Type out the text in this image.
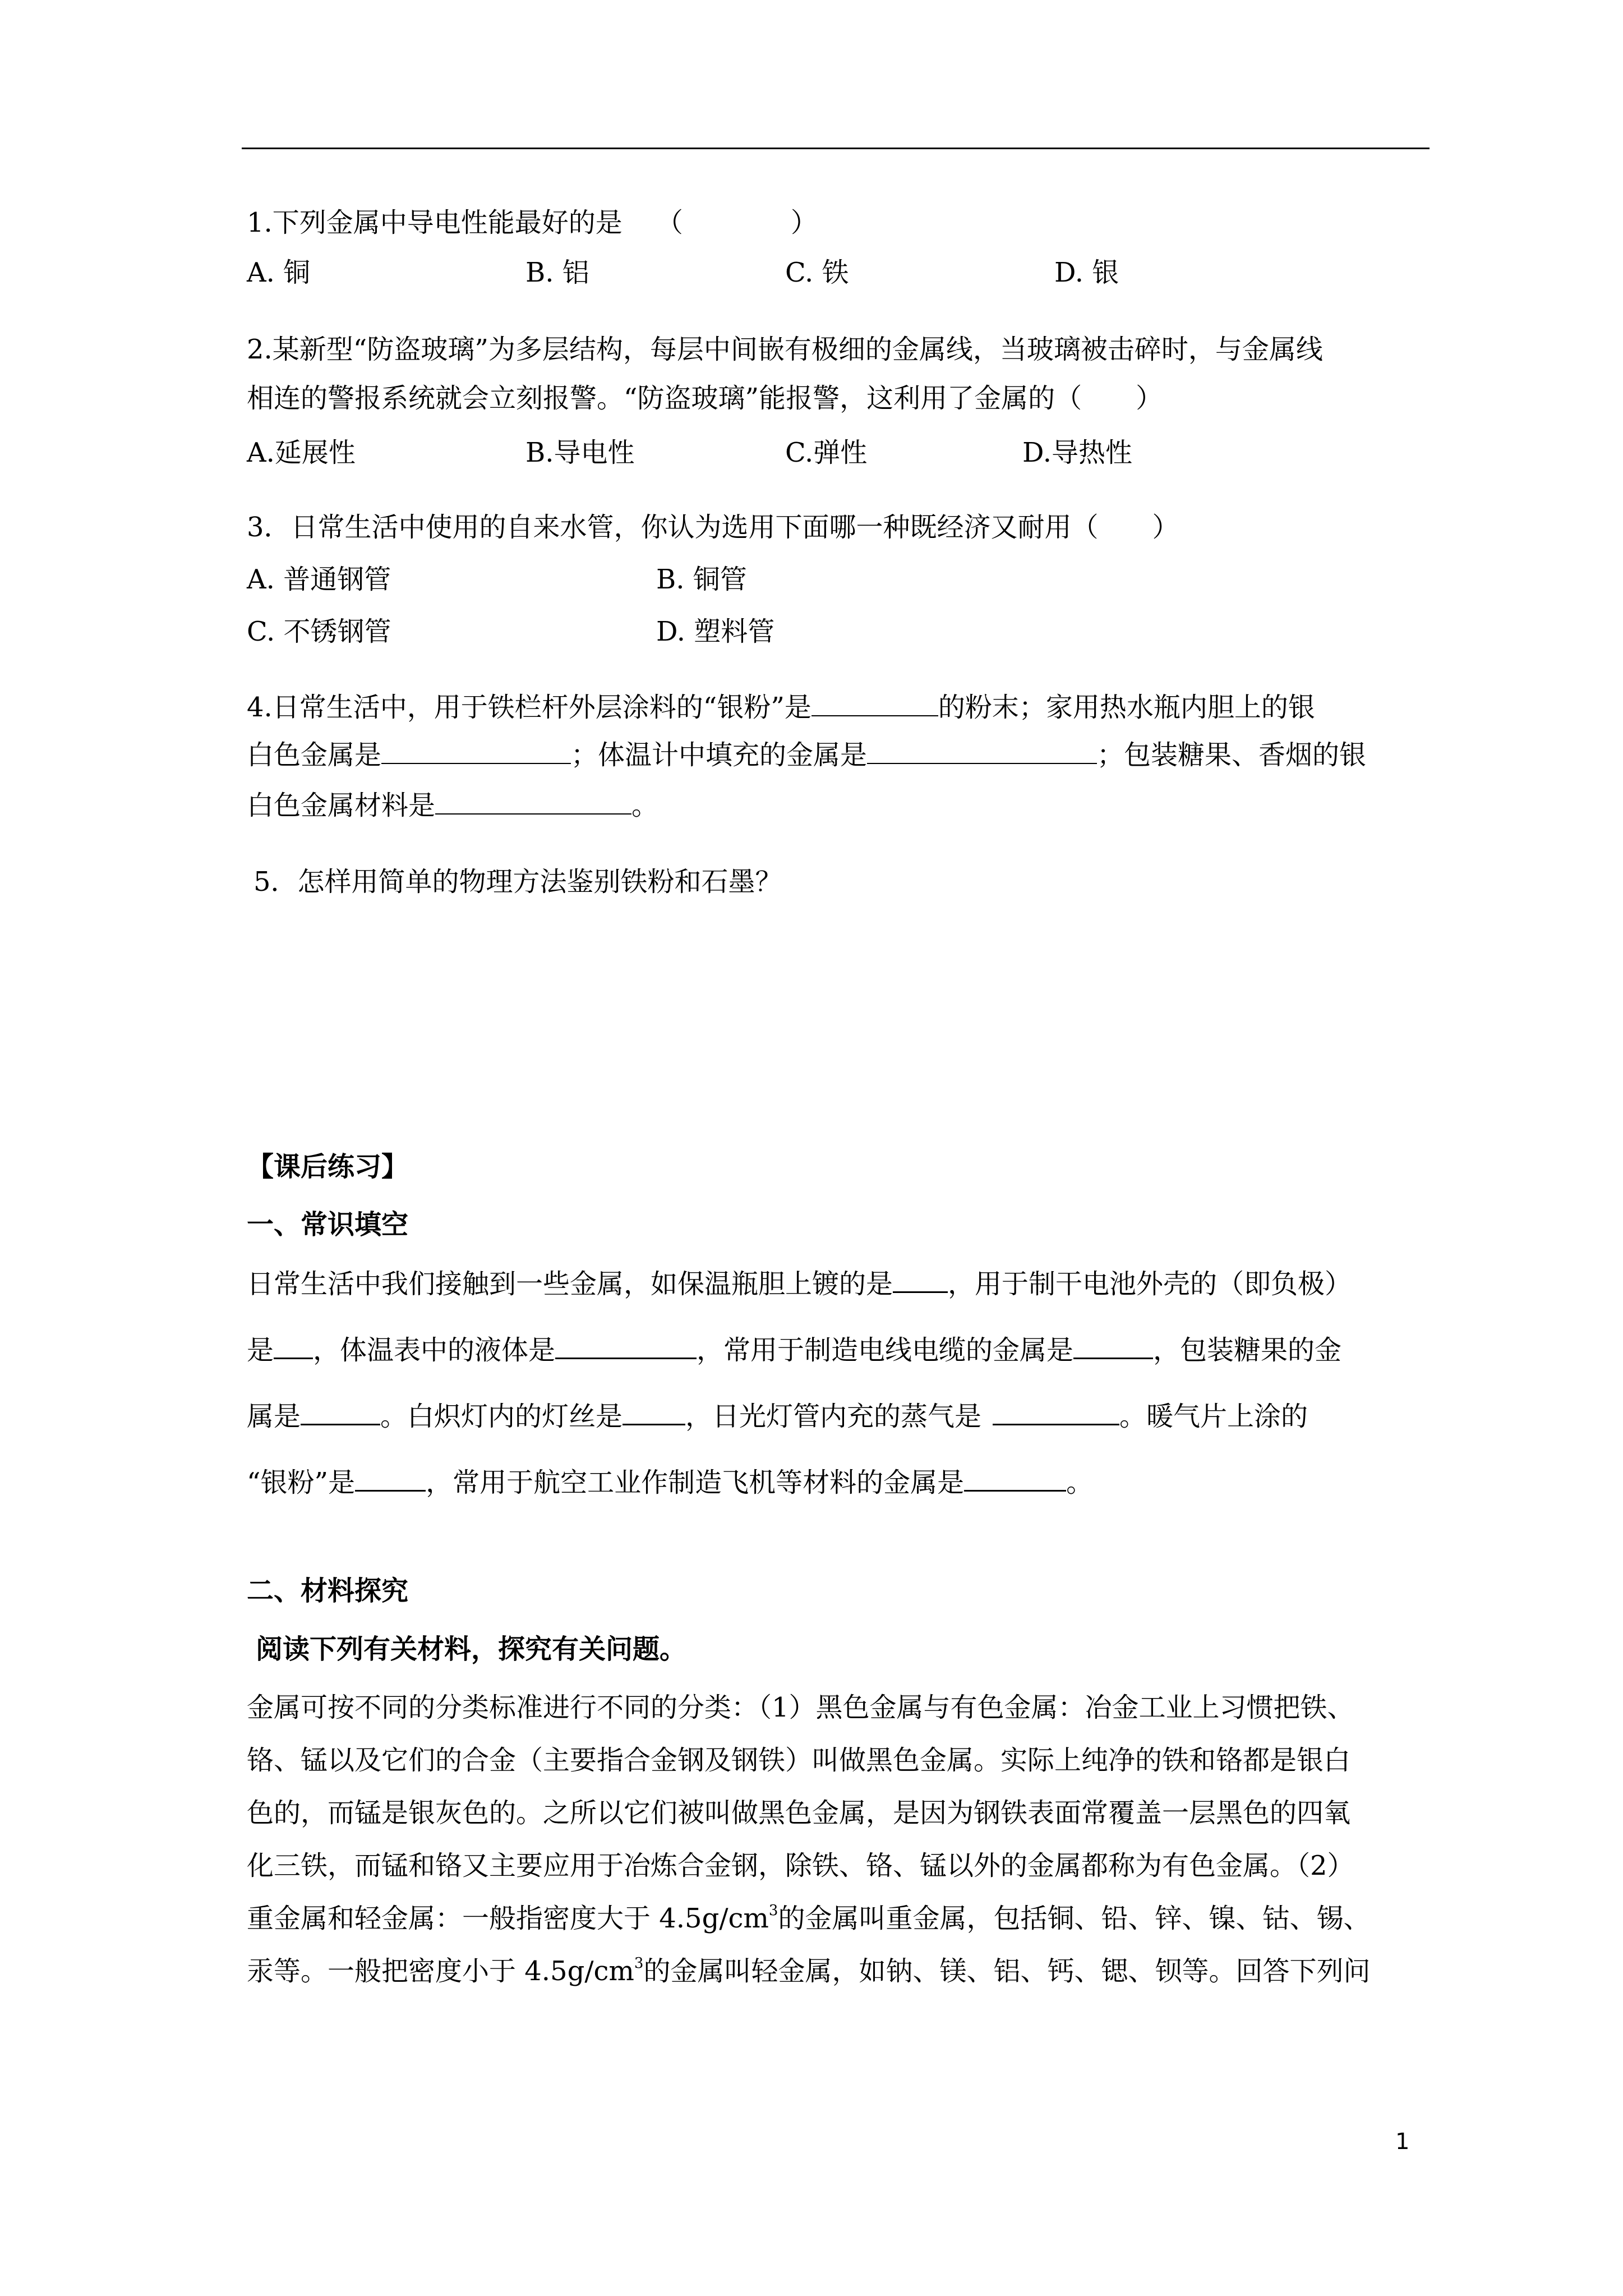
1.下列金属中导电性能最好的是 （　　　　）
A. 铜	B. 铝	C. 铁	D. 银
2.某新型“防盗玻璃”为多层结构，每层中间嵌有极细的金属线，当玻璃被击碎时，与金属线
相连的警报系统就会立刻报警。“防盗玻璃”能报警，这利用了金属的（　　）
A.延展性	B.导电性	C.弹性	D.导热性
3．日常生活中使用的自来水管，你认为选用下面哪一种既经济又耐用（　　）
A. 普通钢管	B. 铜管
C. 不锈钢管	D. 塑料管
4.日常生活中，用于铁栏杆外层涂料的“银粉”是	的粉末；家用热水瓶内胆上的银
白色金属是	；体温计中填充的金属是	；包装糖果、香烟的银
白色金属材料是	。
5．怎样用简单的物理方法鉴别铁粉和石墨？
【课后练习】
一、常识填空
日常生活中我们接触到一些金属，如保温瓶胆上镀的是 ，用于制干电池外壳的（即负极）
是 ，体温表中的液体是	，常用于制造电线电缆的金属是	，包装糖果的金
属是	。白炽灯内的灯丝是 ，日光灯管内充的蒸气是	。暖气片上涂的
“银粉”是	，常用于航空工业作制造飞机等材料的金属是	。
二、材料探究
阅读下列有关材料，探究有关问题。
金属可按不同的分类标准进行不同的分类：（1）黑色金属与有色金属：冶金工业上习惯把铁、
铬、锰以及它们的合金（主要指合金钢及钢铁）叫做黑色金属。实际上纯净的铁和铬都是银白
色的，而锰是银灰色的。之所以它们被叫做黑色金属，是因为钢铁表面常覆盖一层黑色的四氧
化三铁，而锰和铬又主要应用于冶炼合金钢，除铁、铬、锰以外的金属都称为有色金属。（2）
重金属和轻金属：一般指密度大于 $4.5g/cm^3$的金属叫重金属，包括铜、铅、锌、镍、钴、锡、
汞等。一般把密度小于 $4.5g/cm^3$的金属叫轻金属，如钠、镁、铝、钙、锶、钡等。回答下列问
1
